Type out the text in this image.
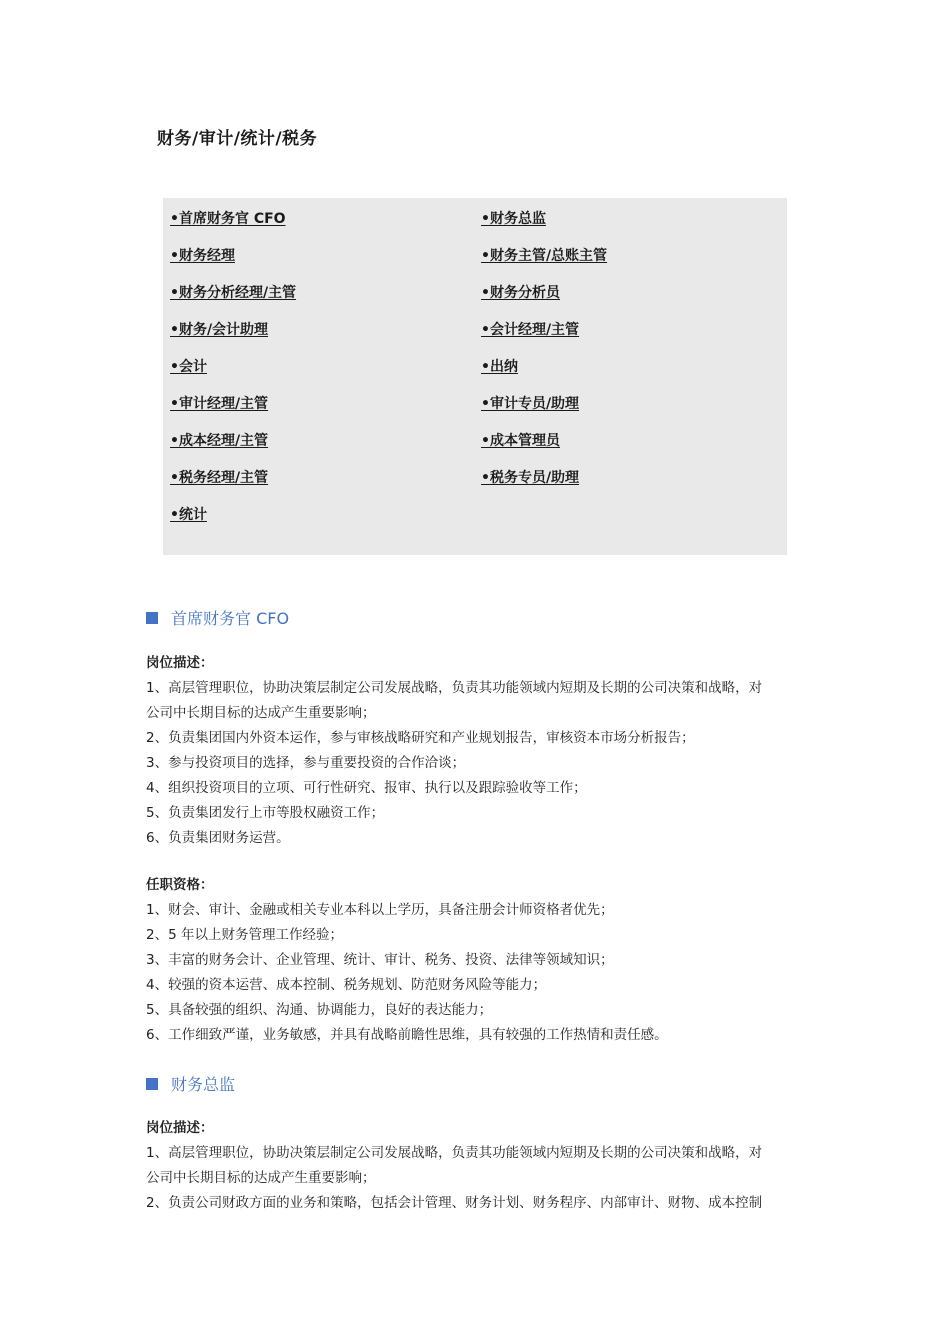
财务/审计/统计/税务
•首席财务官 CFO	•财务总监
•财务经理	•财务主管/总账主管
•财务分析经理/主管	•财务分析员
•财务/会计助理	•会计经理/主管
•会计	•出纳
•审计经理/主管	•审计专员/助理
•成本经理/主管	•成本管理员
•税务经理/主管	•税务专员/助理
•统计
首席财务官 CFO

岗位描述：

1、高层管理职位，协助决策层制定公司发展战略，负责其功能领域内短期及长期的公司决策和战略，对

公司中长期目标的达成产生重要影响；

2、负责集团国内外资本运作，参与审核战略研究和产业规划报告，审核资本市场分析报告；

3、参与投资项目的选择，参与重要投资的合作洽谈；

4、组织投资项目的立项、可行性研究、报审、执行以及跟踪验收等工作；

5、负责集团发行上市等股权融资工作；

6、负责集团财务运营。

任职资格：

1、财会、审计、金融或相关专业本科以上学历，具备注册会计师资格者优先；

2、5 年以上财务管理工作经验；

3、丰富的财务会计、企业管理、统计、审计、税务、投资、法律等领域知识；

4、较强的资本运营、成本控制、税务规划、防范财务风险等能力；

5、具备较强的组织、沟通、协调能力，良好的表达能力；

6、工作细致严谨，业务敏感，并具有战略前瞻性思维，具有较强的工作热情和责任感。

财务总监

岗位描述：

1、高层管理职位，协助决策层制定公司发展战略，负责其功能领域内短期及长期的公司决策和战略，对

公司中长期目标的达成产生重要影响；

2、负责公司财政方面的业务和策略，包括会计管理、财务计划、财务程序、内部审计、财物、成本控制
